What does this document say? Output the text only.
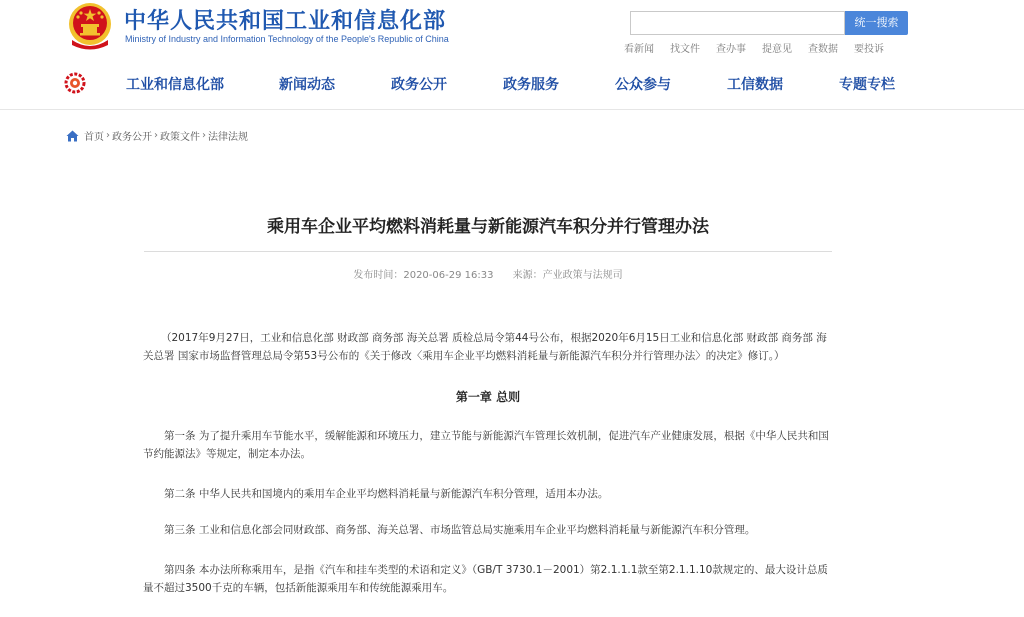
中华人民共和国工业和信息化部
Ministry of Industry and Information Technology of the People's Republic of China
统一搜索
看新闻 找文件 查办事 提意见 查数据 要投诉
工业和信息化部	新闻动态	政务公开	政务服务	公众参与	工信数据	专题专栏
首页 › 政务公开 › 政策文件 › 法律法规
乘用车企业平均燃料消耗量与新能源汽车积分并行管理办法
发布时间：2020-06-29 16:33 来源：产业政策与法规司
（2017年9月27日，工业和信息化部 财政部 商务部 海关总署 质检总局令第44号公布，根据2020年6月15日工业和信息化部 财政部 商务部 海关总署 国家市场监督管理总局令第53号公布的《关于修改〈乘用车企业平均燃料消耗量与新能源汽车积分并行管理办法〉的决定》修订。）
第一章 总则
第一条 为了提升乘用车节能水平，缓解能源和环境压力，建立节能与新能源汽车管理长效机制，促进汽车产业健康发展，根据《中华人民共和国节约能源法》等规定，制定本办法。
第二条 中华人民共和国境内的乘用车企业平均燃料消耗量与新能源汽车积分管理，适用本办法。
第三条 工业和信息化部会同财政部、商务部、海关总署、市场监管总局实施乘用车企业平均燃料消耗量与新能源汽车积分管理。
第四条 本办法所称乘用车，是指《汽车和挂车类型的术语和定义》（GB/T 3730.1－2001）第2.1.1.1款至第2.1.1.10款规定的、最大设计总质量不超过3500千克的车辆，包括新能源乘用车和传统能源乘用车。
